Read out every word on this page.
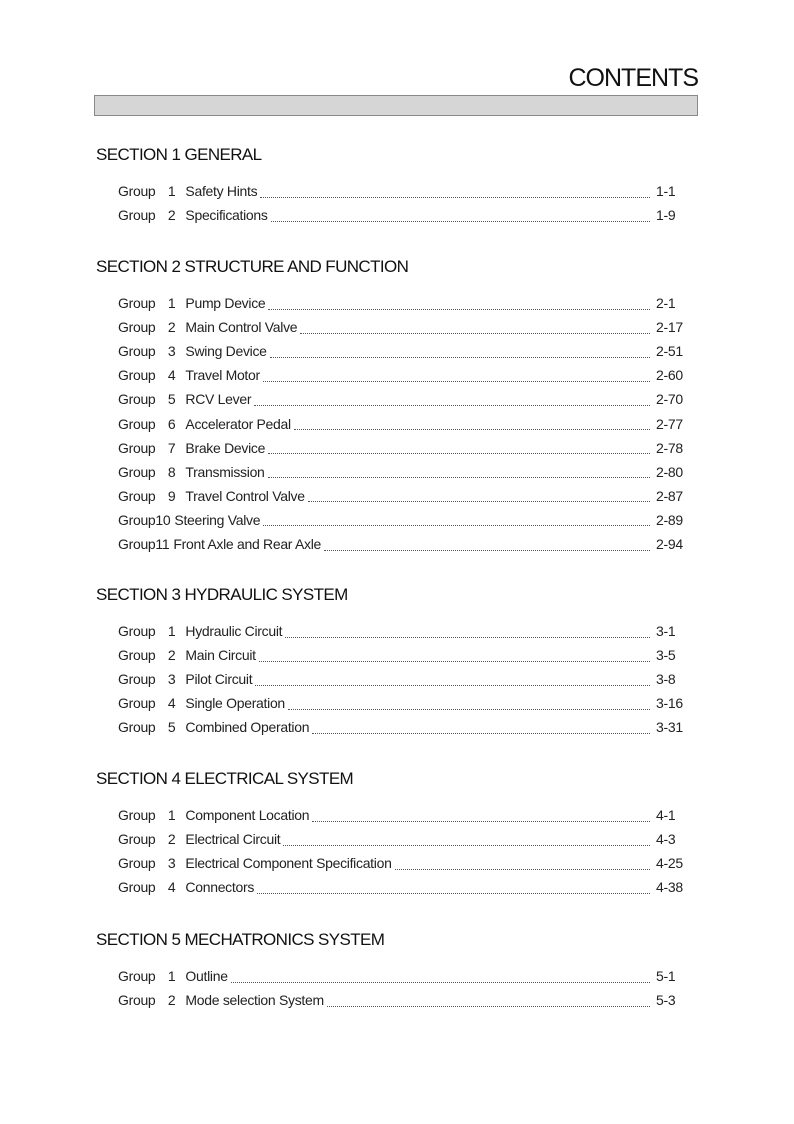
CONTENTS
SECTION 1 GENERAL
Group 1 Safety Hints	1-1
Group 2 Specifications	1-9
SECTION 2 STRUCTURE AND FUNCTION
Group 1 Pump Device	2-1
Group 2 Main Control Valve	2-17
Group 3 Swing Device	2-51
Group 4 Travel Motor	2-60
Group 5 RCV Lever	2-70
Group 6 Accelerator Pedal	2-77
Group 7 Brake Device	2-78
Group 8 Transmission	2-80
Group 9 Travel Control Valve	2-87
Group10 Steering Valve	2-89
Group11 Front Axle and Rear Axle	2-94
SECTION 3 HYDRAULIC SYSTEM
Group 1 Hydraulic Circuit	3-1
Group 2 Main Circuit	3-5
Group 3 Pilot Circuit	3-8
Group 4 Single Operation	3-16
Group 5 Combined Operation	3-31
SECTION 4 ELECTRICAL SYSTEM
Group 1 Component Location	4-1
Group 2 Electrical Circuit	4-3
Group 3 Electrical Component Specification	4-25
Group 4 Connectors	4-38
SECTION 5 MECHATRONICS SYSTEM
Group 1 Outline	5-1
Group 2 Mode selection System	5-3
